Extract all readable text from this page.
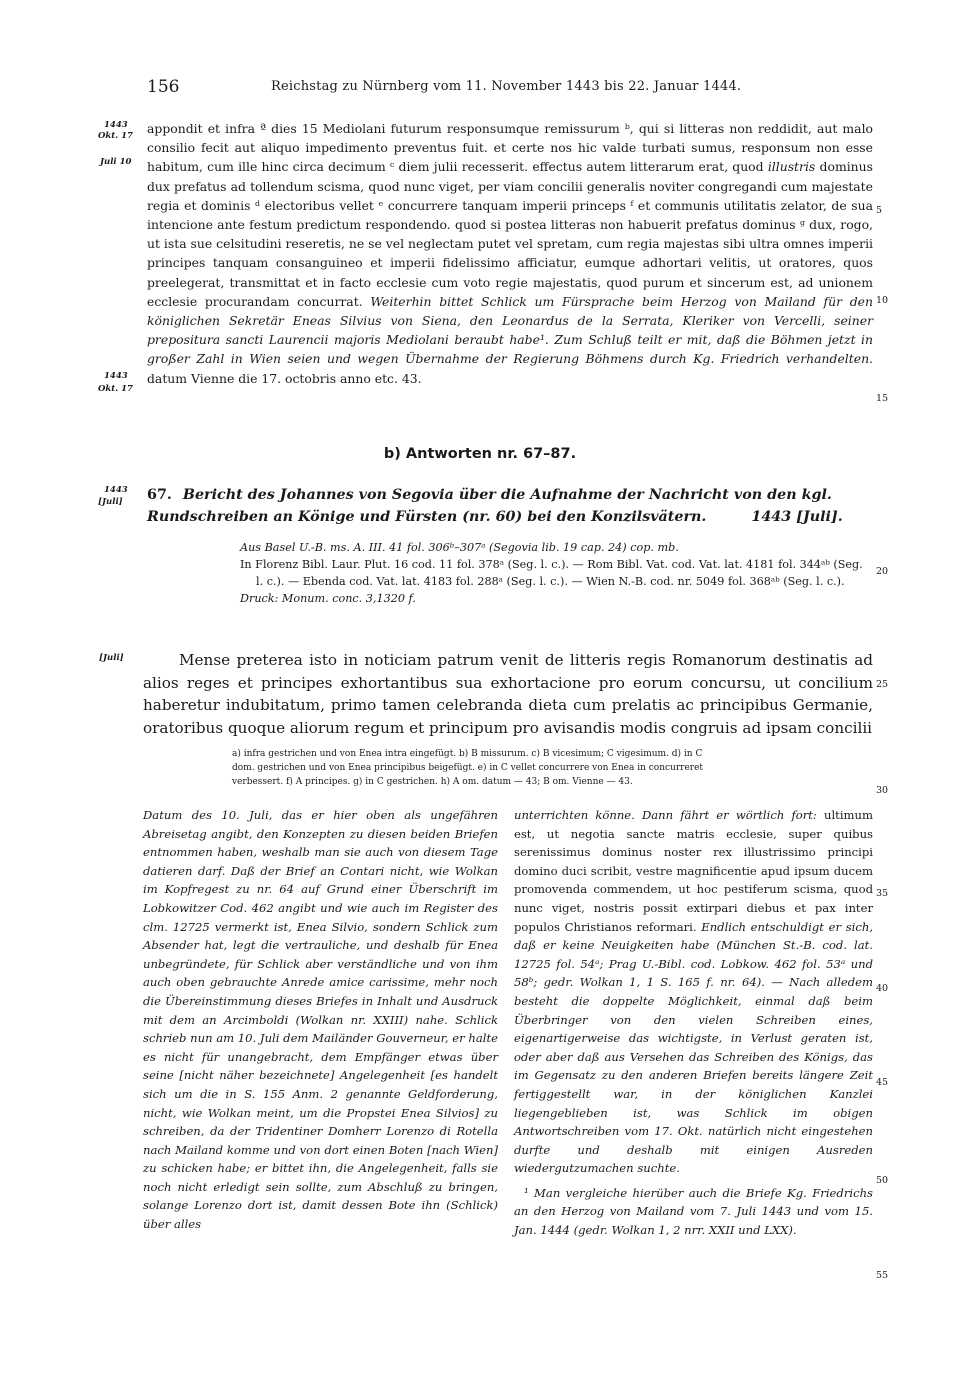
156	Reichstag zu Nürnberg vom 11. November 1443 bis 22. Januar 1444.
1443
Okt. 17
Juli 10
1443
Okt. 17
1443
[Juli]
[Juli]
5
10
15
20
25
30
35
40
45
50
55

appondit et infra ª dies 15 Mediolani futurum responsumque remissurum ᵇ, qui si litteras non reddidit, aut malo consilio fecit aut aliquo impedimento preventus fuit. et certe nos hic valde turbati sumus, responsum non esse habitum, cum ille hinc circa decimum ᶜ diem julii recesserit. effectus autem litterarum erat, quod illustris dominus dux prefatus ad tollendum scisma, quod nunc viget, per viam concilii generalis noviter congregandi cum majestate regia et dominis ᵈ electoribus vellet ᵉ concurrere tanquam imperii princeps ᶠ et communis utilitatis zelator, de sua intencione ante festum predictum respondendo. quod si postea litteras non habuerit prefatus dominus ᵍ dux, rogo, ut ista sue celsitudini reseretis, ne se vel neglectam putet vel spretam, cum regia majestas sibi ultra omnes imperii principes tanquam consanguineo et imperii fidelissimo afficiatur, eumque adhortari velitis, ut oratores, quos preelegerat, transmittat et in facto ecclesie cum voto regie majestatis, quod purum et sincerum est, ad unionem ecclesie procurandam concurrat. Weiterhin bittet Schlick um Fürsprache beim Herzog von Mailand für den königlichen Sekretär Eneas Silvius von Siena, den Leonardus de la Serrata, Kleriker von Vercelli, seiner prepositura sancti Laurencii majoris Mediolani beraubt habe¹. Zum Schluß teilt er mit, daß die Böhmen jetzt in großer Zahl in Wien seien und wegen Übernahme der Regierung Böhmens durch Kg. Friedrich verhandelten. datum Vienne die 17. octobris anno etc. 43.

b) Antworten nr. 67–87.
67. Bericht des Johannes von Segovia über die Aufnahme der Nachricht von den kgl. Rundschreiben an Könige und Fürsten (nr. 60) bei den Konzilsvätern.	1443 [Juli].

Aus Basel U.-B. ms. A. III. 41 fol. 306ᵇ–307ᵃ (Segovia lib. 19 cap. 24) cop. mb.

In Florenz Bibl. Laur. Plut. 16 cod. 11 fol. 378ᵃ (Seg. l. c.). — Rom Bibl. Vat. cod. Vat. lat. 4181 fol. 344ᵃᵇ (Seg. l. c.). — Ebenda cod. Vat. lat. 4183 fol. 288ᵃ (Seg. l. c.). — Wien N.-B. cod. nr. 5049 fol. 368ᵃᵇ (Seg. l. c.).

Druck: Monum. conc. 3,1320 f.

Mense preterea isto in noticiam patrum venit de litteris regis Romanorum destinatis ad alios reges et principes exhortantibus sua exhortacione pro eorum concursu, ut concilium haberetur indubitatum, primo tamen celebranda dieta cum prelatis ac principibus Germanie, oratoribus quoque aliorum regum et principum pro avisandis modis congruis ad ipsam concilii

a) infra gestrichen und von Enea intra eingefügt. b) B missurum. c) B vicesimum; C vigesimum. d) in C

dom. gestrichen und von Enea principibus beigefügt. e) in C vellet concurrere von Enea in concurreret

verbessert. f) A principes. g) in C gestrichen. h) A om. datum — 43; B om. Vienne — 43.

Datum des 10. Juli, das er hier oben als ungefähren Abreisetag angibt, den Konzepten zu diesen beiden Briefen entnommen haben, weshalb man sie auch von diesem Tage datieren darf. Daß der Brief an Contari nicht, wie Wolkan im Kopfregest zu nr. 64 auf Grund einer Überschrift im Lobkowitzer Cod. 462 angibt und wie auch im Register des clm. 12725 vermerkt ist, Enea Silvio, sondern Schlick zum Absender hat, legt die vertrauliche, und deshalb für Enea unbegründete, für Schlick aber verständliche und von ihm auch oben gebrauchte Anrede amice carissime, mehr noch die Übereinstimmung dieses Briefes in Inhalt und Ausdruck mit dem an Arcimboldi (Wolkan nr. XXIII) nahe. Schlick schrieb nun am 10. Juli dem Mailänder Gouverneur, er halte es nicht für unangebracht, dem Empfänger etwas über seine [nicht näher bezeichnete] Angelegenheit [es handelt sich um die in S. 155 Anm. 2 genannte Geldforderung, nicht, wie Wolkan meint, um die Propstei Enea Silvios] zu schreiben, da der Tridentiner Domherr Lorenzo di Rotella nach Mailand komme und von dort einen Boten [nach Wien] zu schicken habe; er bittet ihn, die Angelegenheit, falls sie noch nicht erledigt sein sollte, zum Abschluß zu bringen, solange Lorenzo dort ist, damit dessen Bote ihn (Schlick) über alles

unterrichten könne. Dann fährt er wörtlich fort: ultimum est, ut negotia sancte matris ecclesie, super quibus serenissimus dominus noster rex illustrissimo principi domino duci scribit, vestre magnificentie apud ipsum ducem promovenda commendem, ut hoc pestiferum scisma, quod nunc viget, nostris possit extirpari diebus et pax inter populos Christianos reformari. Endlich entschuldigt er sich, daß er keine Neuigkeiten habe (München St.-B. cod. lat. 12725 fol. 54ᵃ; Prag U.-Bibl. cod. Lobkow. 462 fol. 53ᵃ und 58ᵇ; gedr. Wolkan 1, 1 S. 165 f. nr. 64). — Nach alledem besteht die doppelte Möglichkeit, einmal daß beim Überbringer von den vielen Schreiben eines, eigenartigerweise das wichtigste, in Verlust geraten ist, oder aber daß aus Versehen das Schreiben des Königs, das im Gegensatz zu den anderen Briefen bereits längere Zeit fertiggestellt war, in der königlichen Kanzlei liegengeblieben ist, was Schlick im obigen Antwortschreiben vom 17. Okt. natürlich nicht eingestehen durfte und deshalb mit einigen Ausreden wiedergutzumachen suchte.

¹ Man vergleiche hierüber auch die Briefe Kg. Friedrichs an den Herzog von Mailand vom 7. Juli 1443 und vom 15. Jan. 1444 (gedr. Wolkan 1, 2 nrr. XXII und LXX).
